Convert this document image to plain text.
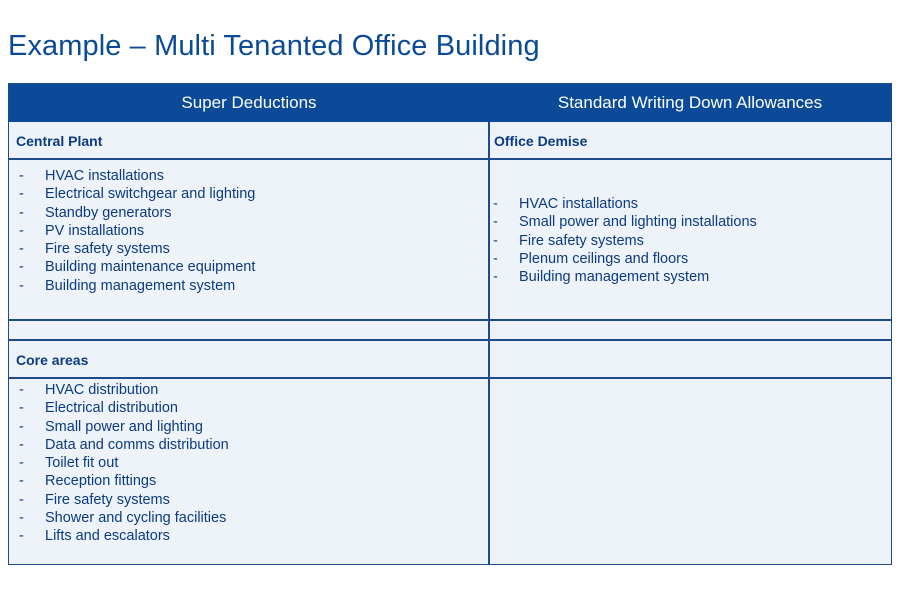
Example – Multi Tenanted Office Building
Super Deductions	Standard Writing Down Allowances
Central Plant	Office Demise
Core areas
- HVAC installations
- Electrical switchgear and lighting
- Standby generators
- PV installations
- Fire safety systems
- Building maintenance equipment
- Building management system
- HVAC installations
- Small power and lighting installations
- Fire safety systems
- Plenum ceilings and floors
- Building management system
- HVAC distribution
- Electrical distribution
- Small power and lighting
- Data and comms distribution
- Toilet fit out
- Reception fittings
- Fire safety systems
- Shower and cycling facilities
- Lifts and escalators
